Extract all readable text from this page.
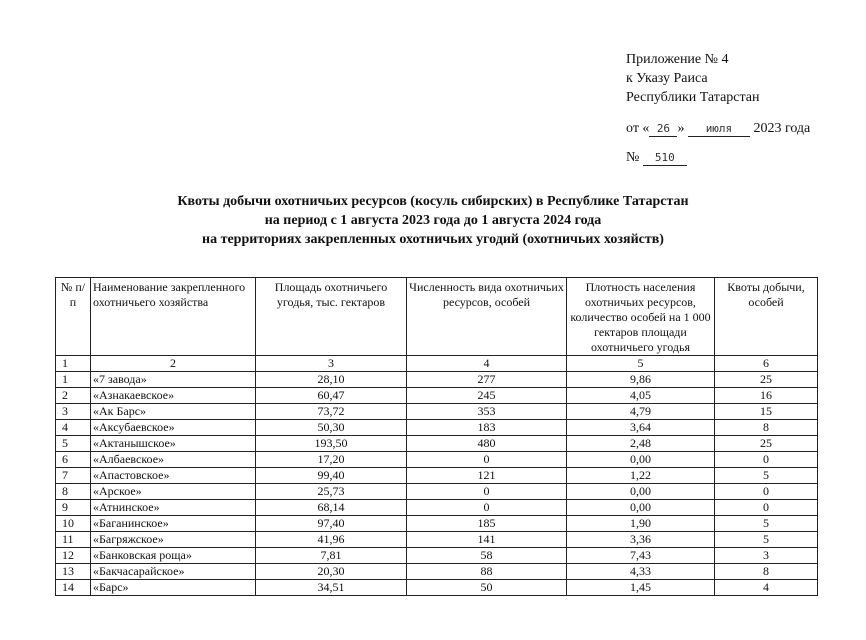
Приложение № 4
к Указу Раиса
Республики Татарстан
от « 26 » июля 2023 года
№ 510
Квоты добычи охотничьих ресурсов (косуль сибирских) в Республике Татарстан
на период с 1 августа 2023 года до 1 августа 2024 года
на территориях закрепленных охотничьих угодий (охотничьих хозяйств)
№ п/п	Наименование закрепленного охотничьего хозяйства	Площадь охотничьего угодья, тыс. гектаров	Численность вида охотничьих ресурсов, особей	Плотность населения охотничьих ресурсов, количество особей на 1 000 гектаров площади охотничьего угодья	Квоты добычи, особей
1	2	3	4	5	6
1	«7 завода»	28,10	277	9,86	25
2	«Азнакаевское»	60,47	245	4,05	16
3	«Ак Барс»	73,72	353	4,79	15
4	«Аксубаевское»	50,30	183	3,64	8
5	«Актанышское»	193,50	480	2,48	25
6	«Албаевское»	17,20	0	0,00	0
7	«Апастовское»	99,40	121	1,22	5
8	«Арское»	25,73	0	0,00	0
9	«Атнинское»	68,14	0	0,00	0
10	«Баганинское»	97,40	185	1,90	5
11	«Багряжское»	41,96	141	3,36	5
12	«Банковская роща»	7,81	58	7,43	3
13	«Бакчасарайское»	20,30	88	4,33	8
14	«Барс»	34,51	50	1,45	4
